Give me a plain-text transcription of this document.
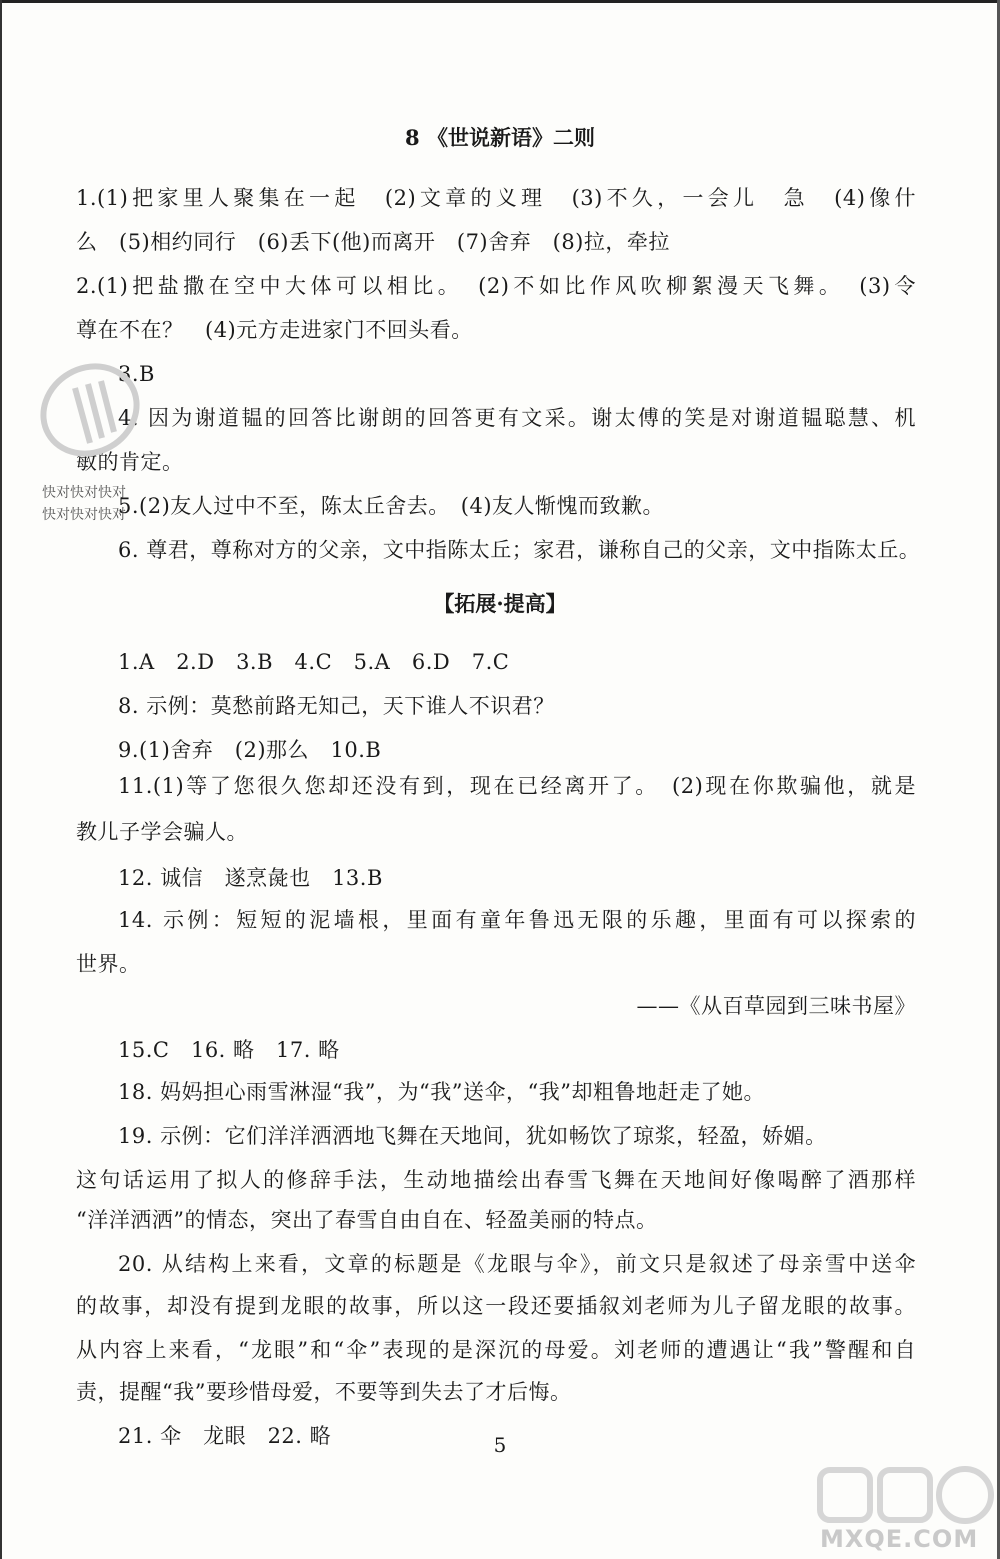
8 《世说新语》二则
1.(1)把家里人聚集在一起　(2)文章的义理　(3)不久，一会儿　急　(4)像什
么　(5)相约同行　(6)丢下(他)而离开　(7)舍弃　(8)拉，牵拉
2.(1)把盐撒在空中大体可以相比。　(2)不如比作风吹柳絮漫天飞舞。　(3)令
尊在不在？　(4)元方走进家门不回头看。
3.B
4. 因为谢道韫的回答比谢朗的回答更有文采。谢太傅的笑是对谢道韫聪慧、机
敏的肯定。
5.(2)友人过中不至，陈太丘舍去。　(4)友人惭愧而致歉。
6. 尊君，尊称对方的父亲，文中指陈太丘；家君，谦称自己的父亲，文中指陈太丘。
【拓展·提高】
1.A　2.D　3.B　4.C　5.A　6.D　7.C
8. 示例：莫愁前路无知己，天下谁人不识君？
9.(1)舍弃　(2)那么　10.B
11.(1)等了您很久您却还没有到，现在已经离开了。　(2)现在你欺骗他，就是
教儿子学会骗人。
12. 诚信　遂烹彘也　13.B
14. 示例：短短的泥墙根，里面有童年鲁迅无限的乐趣，里面有可以探索的
世界。
——《从百草园到三味书屋》
15.C　16. 略　17. 略
18. 妈妈担心雨雪淋湿“我”，为“我”送伞，“我”却粗鲁地赶走了她。
19. 示例：它们洋洋洒洒地飞舞在天地间，犹如畅饮了琼浆，轻盈，娇媚。
这句话运用了拟人的修辞手法，生动地描绘出春雪飞舞在天地间好像喝醉了酒那样
“洋洋洒洒”的情态，突出了春雪自由自在、轻盈美丽的特点。
20. 从结构上来看，文章的标题是《龙眼与伞》，前文只是叙述了母亲雪中送伞
的故事，却没有提到龙眼的故事，所以这一段还要插叙刘老师为儿子留龙眼的故事。
从内容上来看，“龙眼”和“伞”表现的是深沉的母爱。刘老师的遭遇让“我”警醒和自
责，提醒“我”要珍惜母爱，不要等到失去了才后悔。
21. 伞　龙眼　22. 略	5
快对快对快对
快对快对快对
MXQE.COM
